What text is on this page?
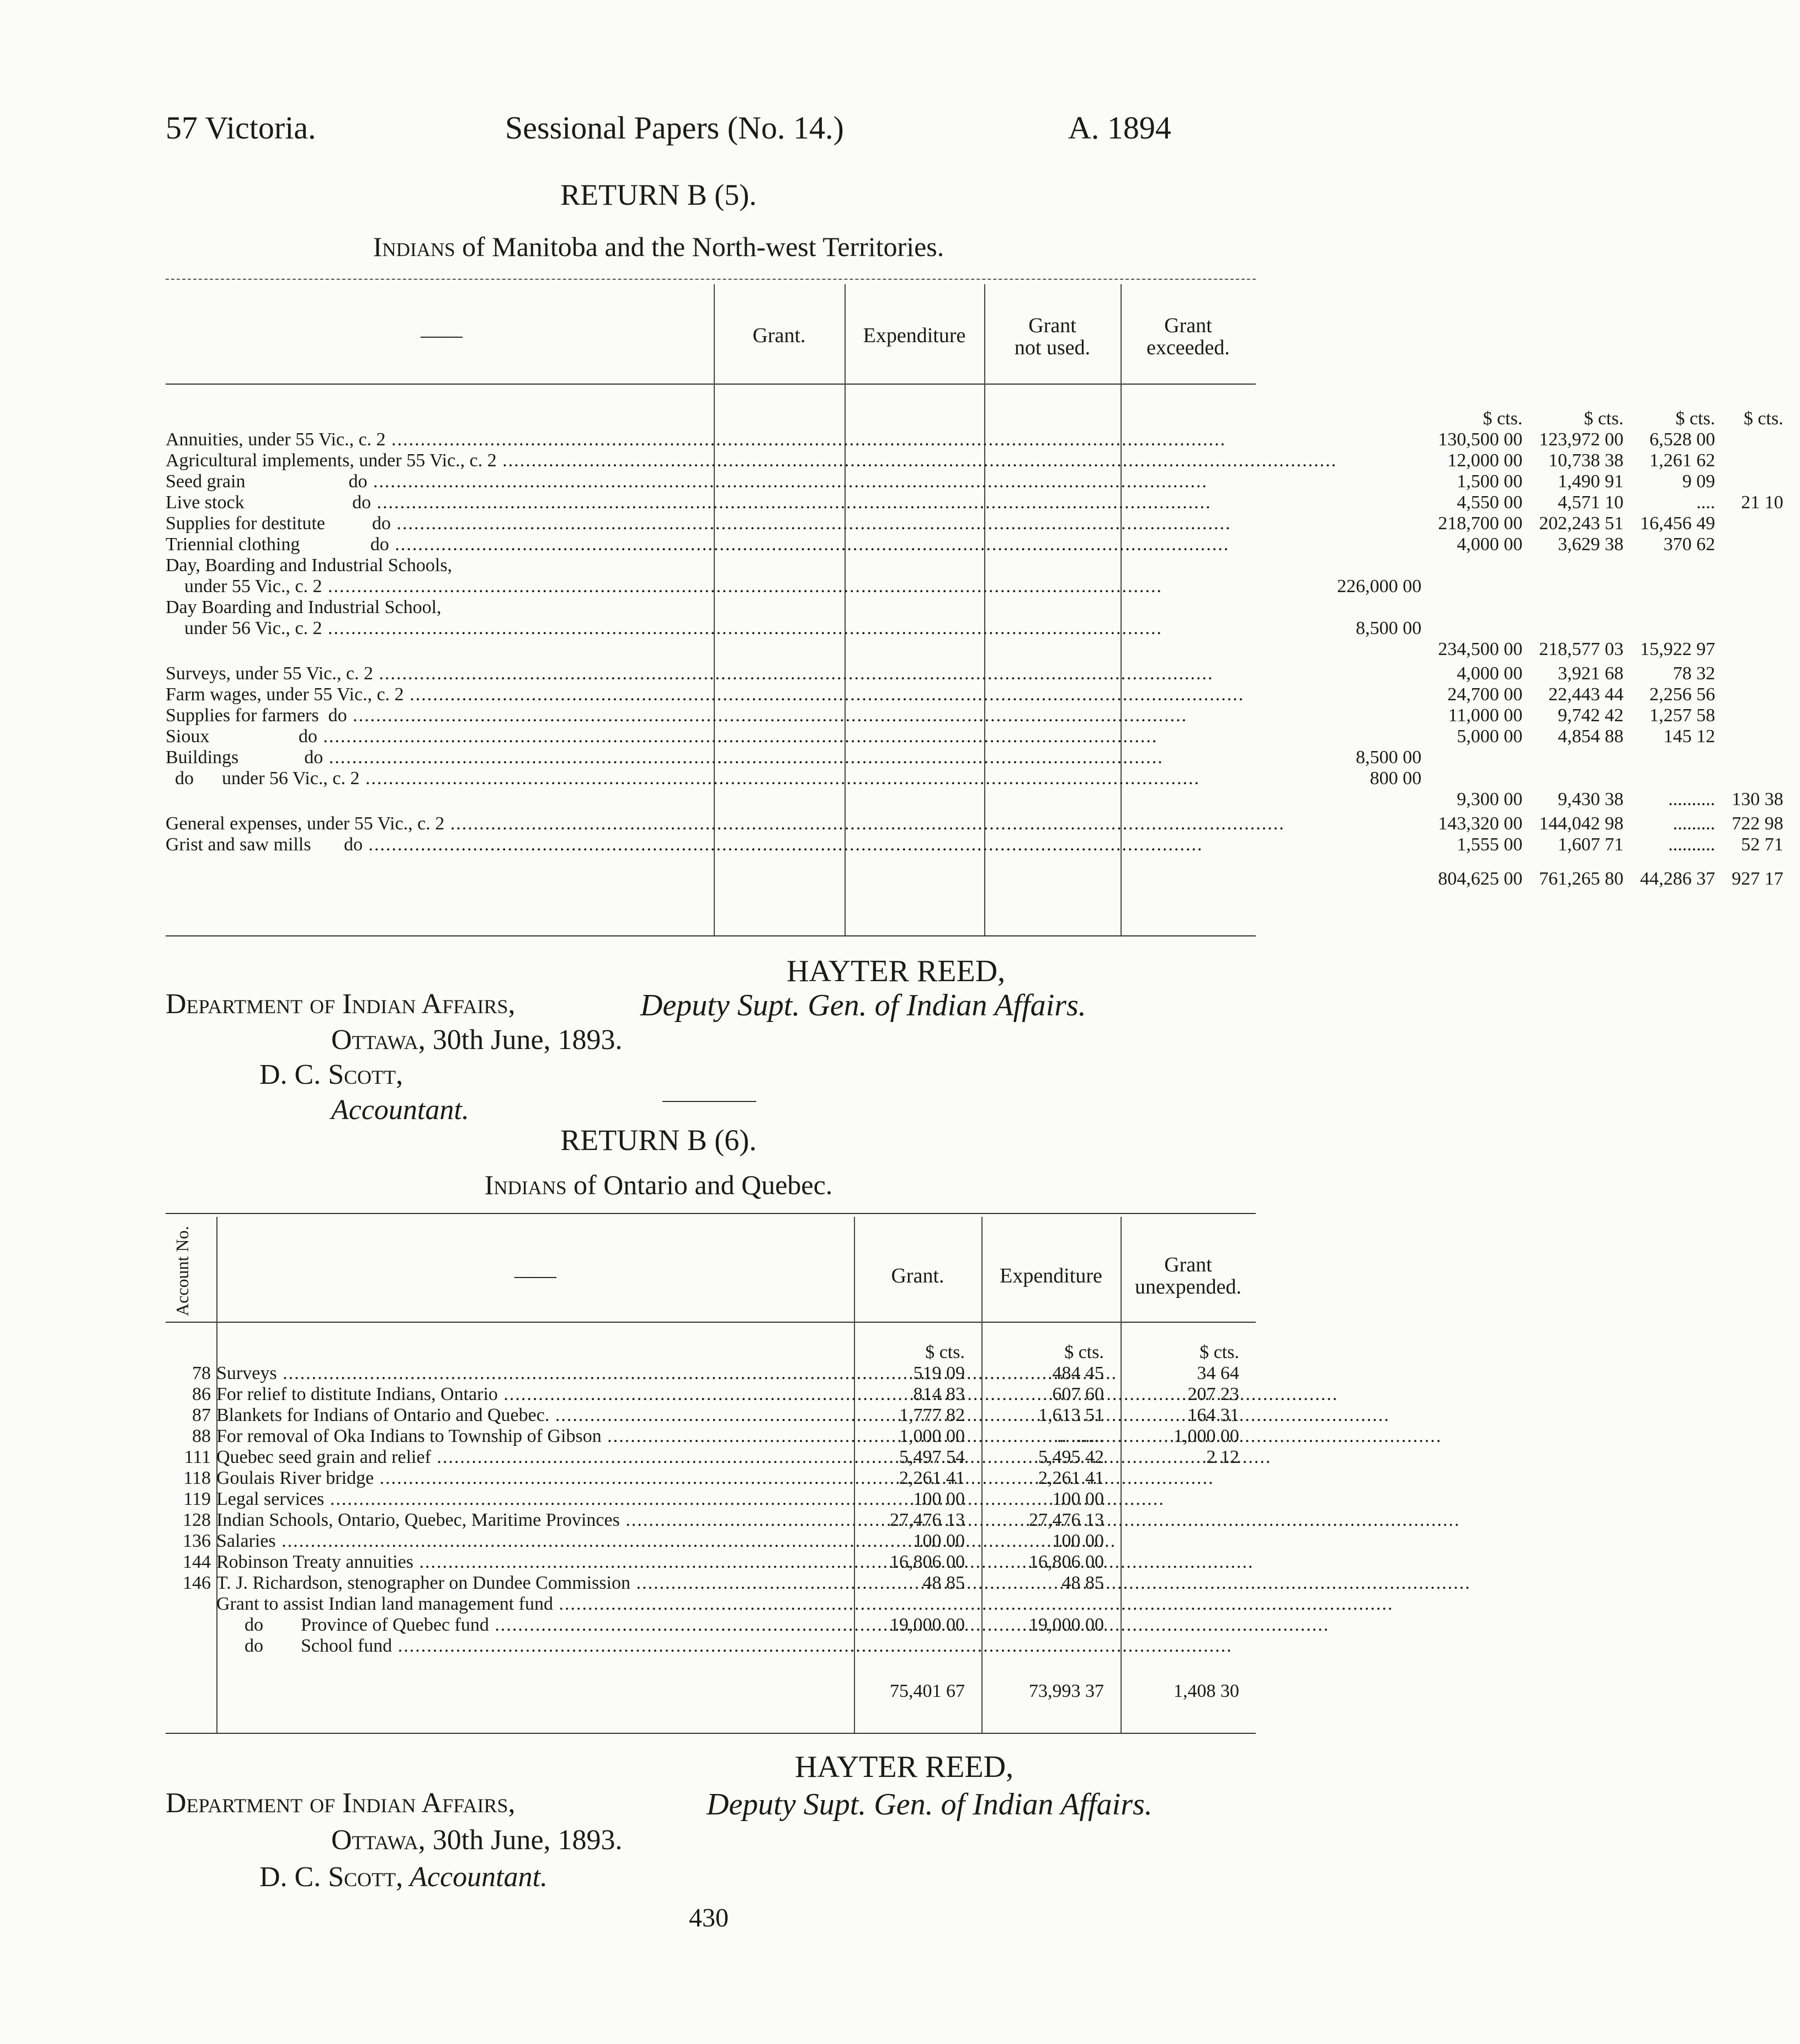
57 Victoria.	Sessional Papers (No. 14.)	A. 1894
RETURN B (5).
Indians of Manitoba and the North-west Territories.
——	Grant.	Expenditure	Grant
not used.
Grant
exceeded.
		$ cts.	$ cts.	$ cts.	$ cts.
Annuities, under 55 Vic., c. 2 .....		130,500 00	123,972 00	6,528 00	
Agricultural implements, under 55 Vic., c. 2 .....		12,000 00	10,738 38	1,261 62	
Seed grain                      do .....		1,500 00	1,490 91	9 09	
Live stock                       do .....		4,550 00	4,571 10	....	21 10
Supplies for destitute          do .....		218,700 00	202,243 51	16,456 49	
Triennial clothing               do .....		4,000 00	3,629 38	370 62	
Day, Boarding and Industrial Schools,					
under 55 Vic., c. 2 .....	226,000 00				
Day Boarding and Industrial School,					
under 56 Vic., c. 2 .....	8,500 00				
		234,500 00	218,577 03	15,922 97	
Surveys, under 55 Vic., c. 2 .....		4,000 00	3,921 68	78 32	
Farm wages, under 55 Vic., c. 2 .....		24,700 00	22,443 44	2,256 56	
Supplies for farmers  do .....		11,000 00	9,742 42	1,257 58	
Sioux                   do .....		5,000 00	4,854 88	145 12	
Buildings              do .....	8,500 00				
do      under 56 Vic., c. 2 .....	800 00				
		9,300 00	9,430 38	..........	130 38
General expenses, under 55 Vic., c. 2 .....		143,320 00	144,042 98	.........	722 98
Grist and saw mills       do .....		1,555 00	1,607 71	..........	52 71
		804,625 00	761,265 80	44,286 37	927 17
HAYTER REED,
Deputy Supt. Gen. of Indian Affairs.
Department of Indian Affairs,
Ottawa, 30th June, 1893.
D. C. Scott,
Accountant.
RETURN B (6).
Indians of Ontario and Quebec.
Account No.	——	Grant.	Expenditure	Grant
unexpended.
		$ cts.	$ cts.	$ cts.
78	Surveys .....	519 09	484 45	34 64
86	For relief to distitute Indians, Ontario .....	814 83	607 60	207 23
87	Blankets for Indians of Ontario and Quebec. .....	1,777 82	1,613 51	164 31
88	For removal of Oka Indians to Township of Gibson .....	1,000 00	.. .......	1,000 00
111	Quebec seed grain and relief .....	5,497 54	5,495 42	2 12
118	Goulais River bridge .....	2,261 41	2,261 41	
119	Legal services .....	100 00	100 00	
128	Indian Schools, Ontario, Quebec, Maritime Provinces .....	27,476 13	27,476 13	
136	Salaries .....	100 00	100 00	
144	Robinson Treaty annuities .....	16,806 00	16,806 00	
146	T. J. Richardson, stenographer on Dundee Commission .....	48 85	48 85	
	Grant to assist Indian land management fund .....			
	do        Province of Quebec fund .....	19,000 00	19,000 00	
	do        School fund .....			
		75,401 67	73,993 37	1,408 30
HAYTER REED,
Deputy Supt. Gen. of Indian Affairs.
Department of Indian Affairs,
Ottawa, 30th June, 1893.
D. C. Scott, Accountant.
430
